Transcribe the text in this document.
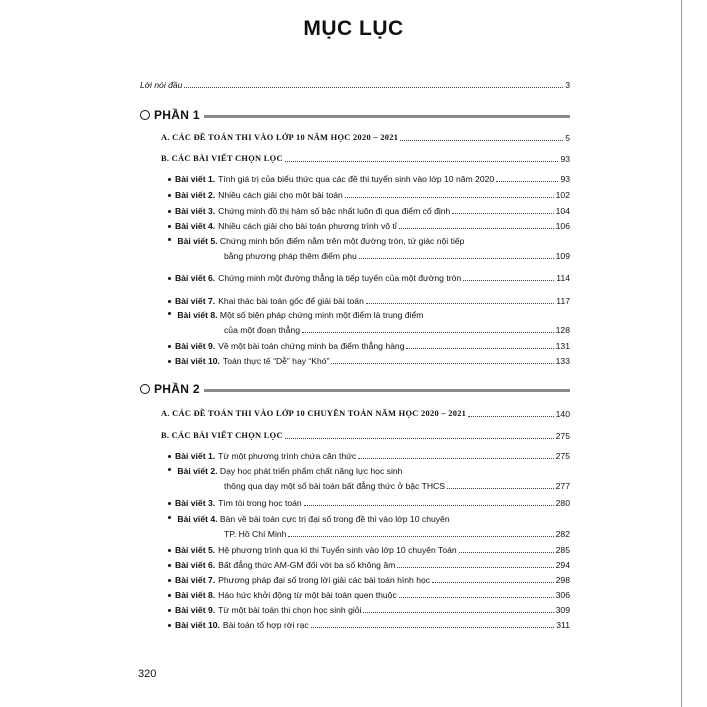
MỤC LỤC
Lời nói đầu	3
PHẦN 1
A. CÁC ĐỀ TOÁN THI VÀO LỚP 10 NĂM HỌC 2020 – 2021	5
B. CÁC BÀI VIẾT CHỌN LỌC	93
Bài viết 1. Tính giá trị của biểu thức qua các đề thi tuyển sinh vào lớp 10 năm 2020	93
Bài viết 2. Nhiều cách giải cho một bài toán	102
Bài viết 3. Chứng minh đồ thị hàm số bậc nhất luôn đi qua điểm cố định	104
Bài viết 4. Nhiều cách giải cho bài toán phương trình vô tỉ	106
Bài viết 5. Chứng minh bốn điểm nằm trên một đường tròn, tứ giác nội tiếp
bằng phương pháp thêm điểm phụ	109
Bài viết 6. Chứng minh một đường thẳng là tiếp tuyến của một đường tròn	114
Bài viết 7. Khai thác bài toán gốc để giải bài toán	117
Bài viết 8. Một số biện pháp chứng minh một điểm là trung điểm
của một đoạn thẳng	128
Bài viết 9. Về một bài toán chứng minh ba điểm thẳng hàng	131
Bài viết 10. Toán thực tế “Dễ” hay “Khó”	133
PHẦN 2
A. CÁC ĐỀ TOÁN THI VÀO LỚP 10 CHUYÊN TOÁN NĂM HỌC 2020 – 2021	140
B. CÁC BÀI VIẾT CHỌN LỌC	275
Bài viết 1. Từ một phương trình chứa căn thức	275
Bài viết 2. Dạy học phát triển phẩm chất năng lực học sinh
thông qua dạy một số bài toán bất đẳng thức ở bậc THCS	277
Bài viết 3. Tìm tòi trong học toán	280
Bài viết 4. Bàn về bài toán cực trị đại số trong đề thi vào lớp 10 chuyên
TP. Hồ Chí Minh	282
Bài viết 5. Hệ phương trình qua kì thi Tuyển sinh vào lớp 10 chuyên Toán	285
Bài viết 6. Bất đẳng thức AM-GM đối với ba số không âm	294
Bài viết 7. Phương pháp đại số trong lời giải các bài toán hình học	298
Bài viết 8. Háo hức khởi động từ một bài toán quen thuộc	306
Bài viết 9. Từ một bài toán thi chọn học sinh giỏi	309
Bài viết 10. Bài toán tổ hợp rời rạc	311
320
